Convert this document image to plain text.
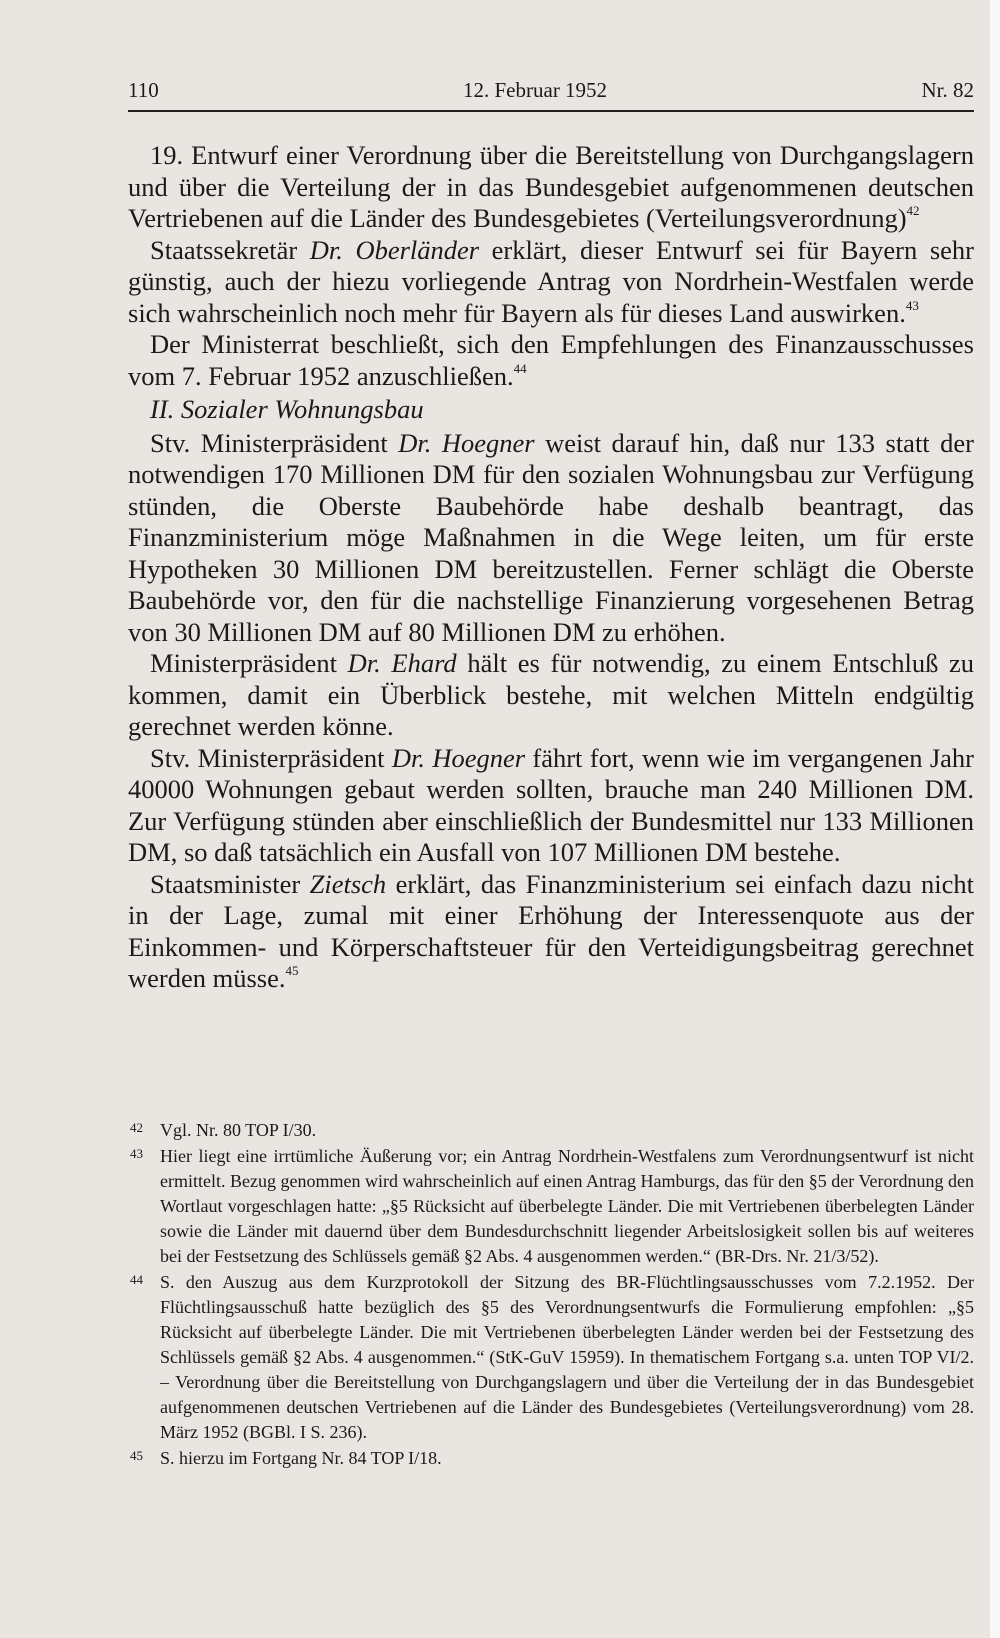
110	12. Februar 1952	Nr. 82

19. Entwurf einer Verordnung über die Bereitstellung von Durchgangslagern und über die Verteilung der in das Bundesgebiet aufgenommenen deutschen Vertriebenen auf die Länder des Bundesgebietes (Verteilungsverordnung)$^{42}$

Staatssekretär Dr. Oberländer erklärt, dieser Entwurf sei für Bayern sehr günstig, auch der hiezu vorliegende Antrag von Nordrhein-Westfalen werde sich wahrscheinlich noch mehr für Bayern als für dieses Land auswirken.$^{43}$

Der Ministerrat beschließt, sich den Empfehlungen des Finanzausschusses vom 7. Februar 1952 anzuschließen.$^{44}$

II. Sozialer Wohnungsbau

Stv. Ministerpräsident Dr. Hoegner weist darauf hin, daß nur 133 statt der notwendigen 170 Millionen DM für den sozialen Wohnungsbau zur Verfügung stünden, die Oberste Baubehörde habe deshalb beantragt, das Finanzministerium möge Maßnahmen in die Wege leiten, um für erste Hypotheken 30 Millionen DM bereitzustellen. Ferner schlägt die Oberste Baubehörde vor, den für die nachstellige Finanzierung vorgesehenen Betrag von 30 Millionen DM auf 80 Millionen DM zu erhöhen.

Ministerpräsident Dr. Ehard hält es für notwendig, zu einem Entschluß zu kommen, damit ein Überblick bestehe, mit welchen Mitteln endgültig gerechnet werden könne.

Stv. Ministerpräsident Dr. Hoegner fährt fort, wenn wie im vergangenen Jahr 40000 Wohnungen gebaut werden sollten, brauche man 240 Millionen DM. Zur Verfügung stünden aber einschließlich der Bundesmittel nur 133 Millionen DM, so daß tatsächlich ein Ausfall von 107 Millionen DM bestehe.

Staatsminister Zietsch erklärt, das Finanzministerium sei einfach dazu nicht in der Lage, zumal mit einer Erhöhung der Interessenquote aus der Einkommen- und Körperschaftsteuer für den Verteidigungsbeitrag gerechnet werden müsse.$^{45}$

42 Vgl. Nr. 80 TOP I/30.
43 Hier liegt eine irrtümliche Äußerung vor; ein Antrag Nordrhein-Westfalens zum Verordnungsentwurf ist nicht ermittelt. Bezug genommen wird wahrscheinlich auf einen Antrag Hamburgs, das für den §5 der Verordnung den Wortlaut vorgeschlagen hatte: „§5 Rücksicht auf überbelegte Länder. Die mit Vertriebenen überbelegten Länder sowie die Länder mit dauernd über dem Bundesdurchschnitt liegender Arbeitslosigkeit sollen bis auf weiteres bei der Festsetzung des Schlüssels gemäß §2 Abs. 4 ausgenommen werden.“ (BR-Drs. Nr. 21/3/52).
44 S. den Auszug aus dem Kurzprotokoll der Sitzung des BR-Flüchtlingsausschusses vom 7.2.1952. Der Flüchtlingsausschuß hatte bezüglich des §5 des Verordnungsentwurfs die Formulierung empfohlen: „§5 Rücksicht auf überbelegte Länder. Die mit Vertriebenen überbelegten Länder werden bei der Festsetzung des Schlüssels gemäß §2 Abs. 4 ausgenommen.“ (StK-GuV 15959). In thematischem Fortgang s.a. unten TOP VI/2. – Verordnung über die Bereitstellung von Durchgangslagern und über die Verteilung der in das Bundesgebiet aufgenommenen deutschen Vertriebenen auf die Länder des Bundesgebietes (Verteilungsverordnung) vom 28. März 1952 (BGBl. I S. 236).
45 S. hierzu im Fortgang Nr. 84 TOP I/18.
